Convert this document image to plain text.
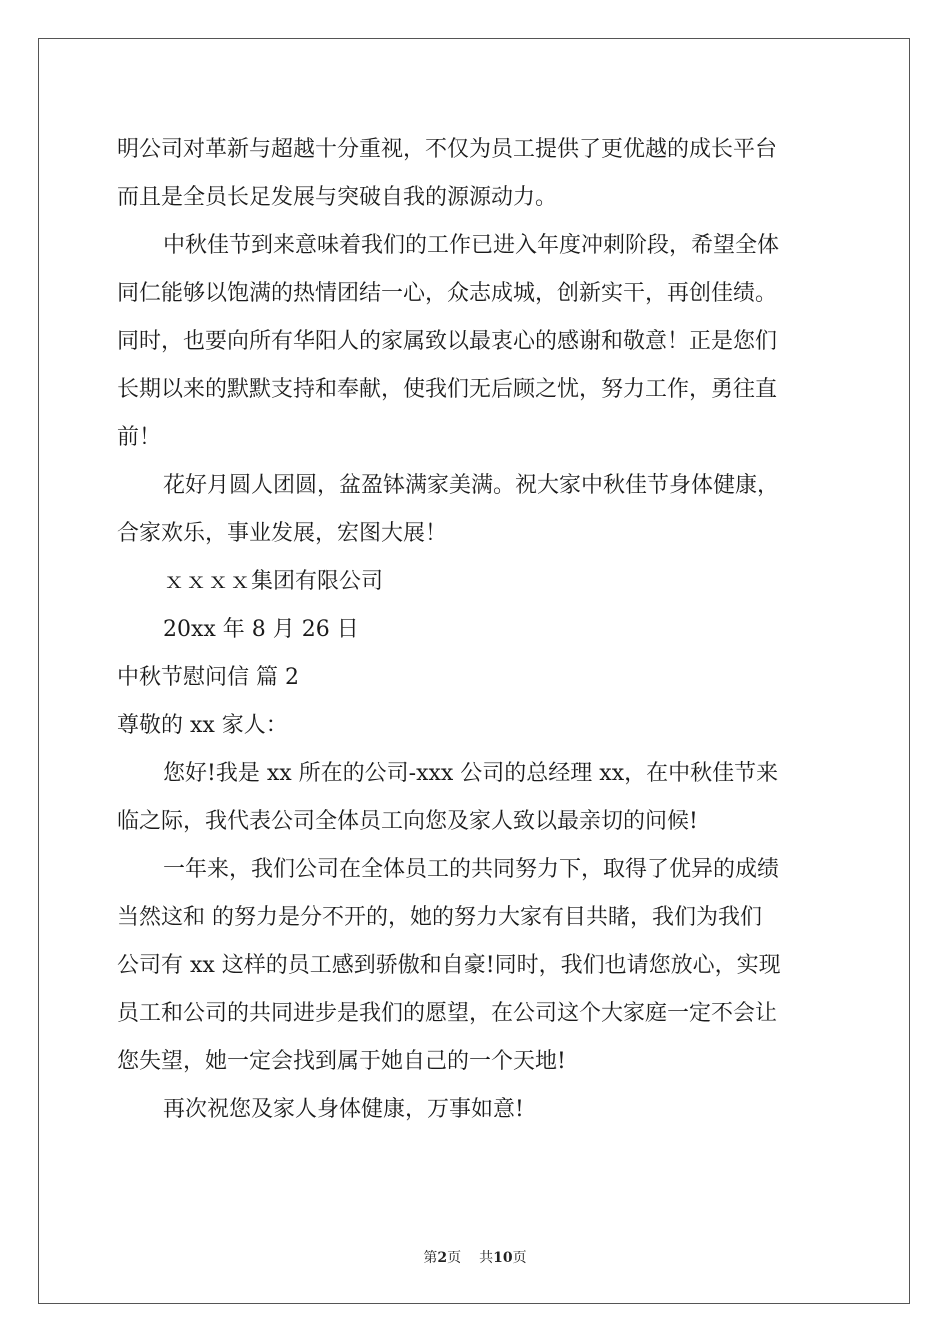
明公司对革新与超越十分重视，不仅为员工提供了更优越的成长平台
而且是全员长足发展与突破自我的源源动力。
中秋佳节到来意味着我们的工作已进入年度冲刺阶段，希望全体
同仁能够以饱满的热情团结一心，众志成城，创新实干，再创佳绩。
同时，也要向所有华阳人的家属致以最衷心的感谢和敬意！正是您们
长期以来的默默支持和奉献，使我们无后顾之忧，努力工作，勇往直
前！
花好月圆人团圆，盆盈钵满家美满。祝大家中秋佳节身体健康，
合家欢乐，事业发展，宏图大展！
ｘｘｘｘ集团有限公司
20xx 年 8 月 26 日
中秋节慰问信 篇 2
尊敬的 xx 家人：
您好!我是 xx 所在的公司-xxx 公司的总经理 xx，在中秋佳节来
临之际，我代表公司全体员工向您及家人致以最亲切的问候!
一年来，我们公司在全体员工的共同努力下，取得了优异的成绩
当然这和 的努力是分不开的，她的努力大家有目共睹，我们为我们
公司有 xx 这样的员工感到骄傲和自豪!同时，我们也请您放心，实现
员工和公司的共同进步是我们的愿望，在公司这个大家庭一定不会让
您失望，她一定会找到属于她自己的一个天地!
再次祝您及家人身体健康，万事如意!
第2页 共10页
